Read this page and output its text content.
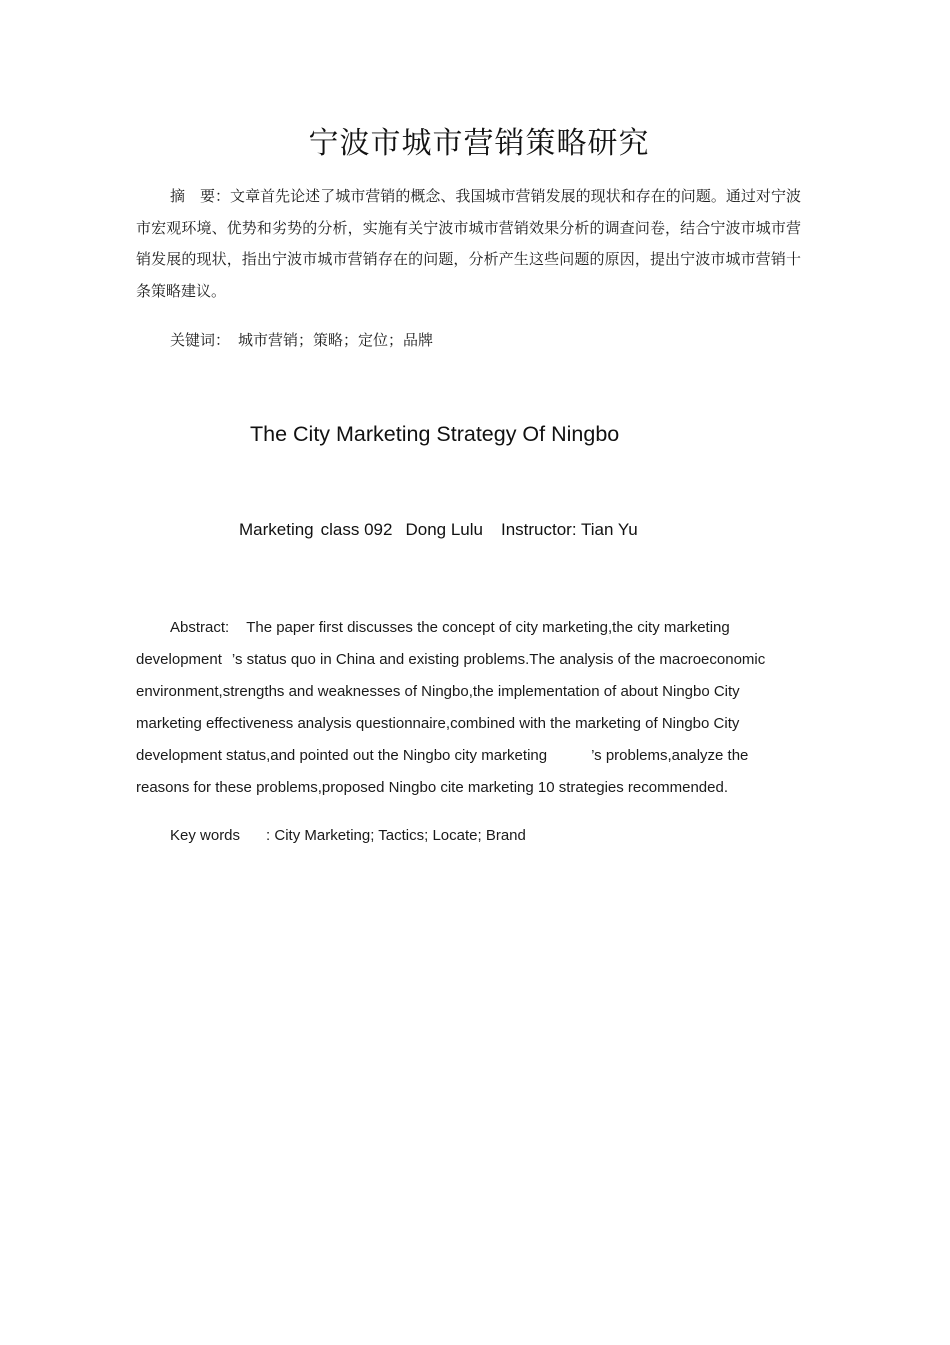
宁波市城市营销策略研究
摘　要：文章首先论述了城市营销的概念、我国城市营销发展的现状和存在的问题。通过对宁波市宏观环境、优势和劣势的分析，实施有关宁波市城市营销效果分析的调查问卷，结合宁波市城市营销发展的现状，指出宁波市城市营销存在的问题，分析产生这些问题的原因，提出宁波市城市营销十条策略建议。
关键词： 城市营销；策略；定位；品牌
The City Marketing Strategy Of Ningbo
Marketing class 092 Dong Lulu Instructor: Tian Yu
Abstract: The paper first discusses the concept of city marketing,the city marketing
development ’s status quo in China and existing problems.The analysis of the macroeconomic
environment,strengths and weaknesses of Ningbo,the implementation of about Ningbo City
marketing effectiveness analysis questionnaire,combined with the marketing of Ningbo City
development status,and pointed out the Ningbo city marketing	’s problems,analyze the
reasons for these problems,proposed Ningbo cite marketing 10 strategies recommended.
Key words : City Marketing; Tactics; Locate; Brand
